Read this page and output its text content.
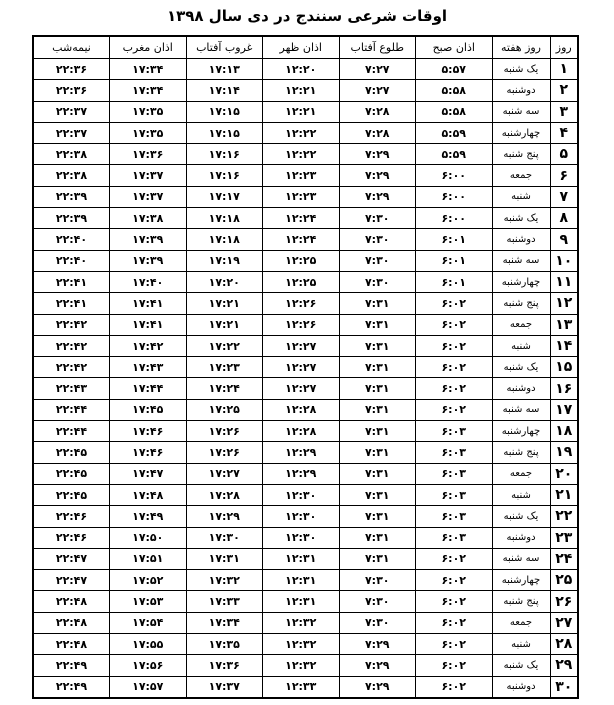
اوقات شرعی سنندج در دی سال ۱۳۹۸
روز	روز هفته	اذان صبح	طلوع آفتاب	اذان ظهر	غروب آفتاب	اذان مغرب	نیمه‌شب
۱	یک شنبه	۵:۵۷	۷:۲۷	۱۲:۲۰	۱۷:۱۳	۱۷:۳۴	۲۲:۳۶
۲	دوشنبه	۵:۵۸	۷:۲۷	۱۲:۲۱	۱۷:۱۴	۱۷:۳۴	۲۲:۳۶
۳	سه شنبه	۵:۵۸	۷:۲۸	۱۲:۲۱	۱۷:۱۵	۱۷:۳۵	۲۲:۳۷
۴	چهارشنبه	۵:۵۹	۷:۲۸	۱۲:۲۲	۱۷:۱۵	۱۷:۳۵	۲۲:۳۷
۵	پنج شنبه	۵:۵۹	۷:۲۹	۱۲:۲۲	۱۷:۱۶	۱۷:۳۶	۲۲:۳۸
۶	جمعه	۶:۰۰	۷:۲۹	۱۲:۲۳	۱۷:۱۶	۱۷:۳۷	۲۲:۳۸
۷	شنبه	۶:۰۰	۷:۲۹	۱۲:۲۳	۱۷:۱۷	۱۷:۳۷	۲۲:۳۹
۸	یک شنبه	۶:۰۰	۷:۳۰	۱۲:۲۴	۱۷:۱۸	۱۷:۳۸	۲۲:۳۹
۹	دوشنبه	۶:۰۱	۷:۳۰	۱۲:۲۴	۱۷:۱۸	۱۷:۳۹	۲۲:۴۰
۱۰	سه شنبه	۶:۰۱	۷:۳۰	۱۲:۲۵	۱۷:۱۹	۱۷:۳۹	۲۲:۴۰
۱۱	چهارشنبه	۶:۰۱	۷:۳۰	۱۲:۲۵	۱۷:۲۰	۱۷:۴۰	۲۲:۴۱
۱۲	پنج شنبه	۶:۰۲	۷:۳۱	۱۲:۲۶	۱۷:۲۱	۱۷:۴۱	۲۲:۴۱
۱۳	جمعه	۶:۰۲	۷:۳۱	۱۲:۲۶	۱۷:۲۱	۱۷:۴۱	۲۲:۴۲
۱۴	شنبه	۶:۰۲	۷:۳۱	۱۲:۲۷	۱۷:۲۲	۱۷:۴۲	۲۲:۴۲
۱۵	یک شنبه	۶:۰۲	۷:۳۱	۱۲:۲۷	۱۷:۲۳	۱۷:۴۳	۲۲:۴۲
۱۶	دوشنبه	۶:۰۲	۷:۳۱	۱۲:۲۷	۱۷:۲۴	۱۷:۴۴	۲۲:۴۳
۱۷	سه شنبه	۶:۰۲	۷:۳۱	۱۲:۲۸	۱۷:۲۵	۱۷:۴۵	۲۲:۴۴
۱۸	چهارشنبه	۶:۰۳	۷:۳۱	۱۲:۲۸	۱۷:۲۶	۱۷:۴۶	۲۲:۴۴
۱۹	پنج شنبه	۶:۰۳	۷:۳۱	۱۲:۲۹	۱۷:۲۶	۱۷:۴۶	۲۲:۴۵
۲۰	جمعه	۶:۰۳	۷:۳۱	۱۲:۲۹	۱۷:۲۷	۱۷:۴۷	۲۲:۴۵
۲۱	شنبه	۶:۰۳	۷:۳۱	۱۲:۳۰	۱۷:۲۸	۱۷:۴۸	۲۲:۴۵
۲۲	یک شنبه	۶:۰۳	۷:۳۱	۱۲:۳۰	۱۷:۲۹	۱۷:۴۹	۲۲:۴۶
۲۳	دوشنبه	۶:۰۳	۷:۳۱	۱۲:۳۰	۱۷:۳۰	۱۷:۵۰	۲۲:۴۶
۲۴	سه شنبه	۶:۰۲	۷:۳۱	۱۲:۳۱	۱۷:۳۱	۱۷:۵۱	۲۲:۴۷
۲۵	چهارشنبه	۶:۰۲	۷:۳۰	۱۲:۳۱	۱۷:۳۲	۱۷:۵۲	۲۲:۴۷
۲۶	پنج شنبه	۶:۰۲	۷:۳۰	۱۲:۳۱	۱۷:۳۳	۱۷:۵۳	۲۲:۴۸
۲۷	جمعه	۶:۰۲	۷:۳۰	۱۲:۳۲	۱۷:۳۴	۱۷:۵۴	۲۲:۴۸
۲۸	شنبه	۶:۰۲	۷:۲۹	۱۲:۳۲	۱۷:۳۵	۱۷:۵۵	۲۲:۴۸
۲۹	یک شنبه	۶:۰۲	۷:۲۹	۱۲:۳۲	۱۷:۳۶	۱۷:۵۶	۲۲:۴۹
۳۰	دوشنبه	۶:۰۲	۷:۲۹	۱۲:۳۳	۱۷:۳۷	۱۷:۵۷	۲۲:۴۹
